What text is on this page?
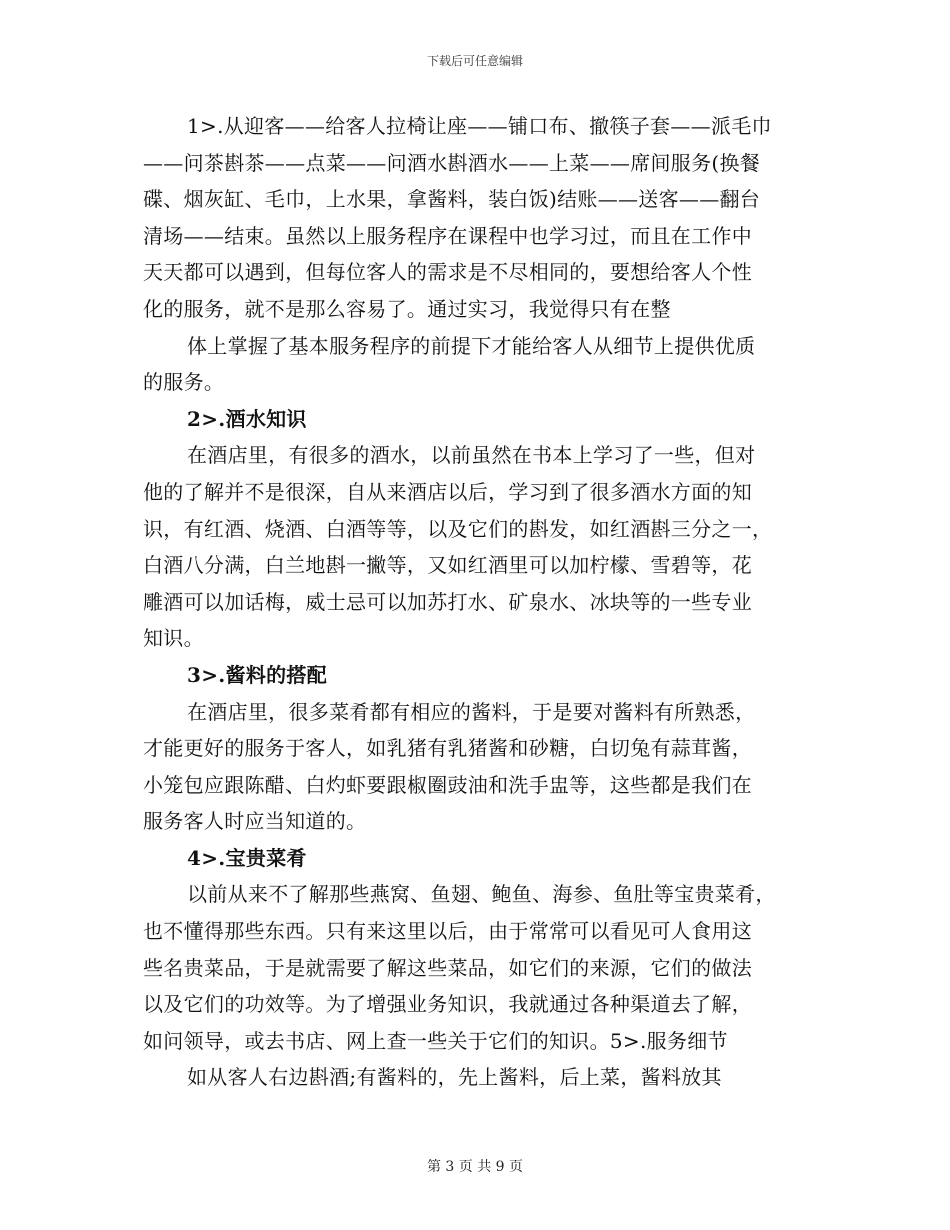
下载后可任意编辑
1>.从迎客——给客人拉椅让座——铺口布、撤筷子套——派毛巾
——问茶斟茶——点菜——问酒水斟酒水——上菜——席间服务(换餐
碟、烟灰缸、毛巾，上水果，拿酱料，装白饭)结账——送客——翻台
清场——结束。虽然以上服务程序在课程中也学习过，而且在工作中
天天都可以遇到，但每位客人的需求是不尽相同的，要想给客人个性
化的服务，就不是那么容易了。通过实习，我觉得只有在整
体上掌握了基本服务程序的前提下才能给客人从细节上提供优质
的服务。
2>.酒水知识
在酒店里，有很多的酒水，以前虽然在书本上学习了一些，但对
他的了解并不是很深，自从来酒店以后，学习到了很多酒水方面的知
识，有红酒、烧酒、白酒等等，以及它们的斟发，如红酒斟三分之一，
白酒八分满，白兰地斟一撇等，又如红酒里可以加柠檬、雪碧等，花
雕酒可以加话梅，威士忌可以加苏打水、矿泉水、冰块等的一些专业
知识。
3>.酱料的搭配
在酒店里，很多菜肴都有相应的酱料，于是要对酱料有所熟悉，
才能更好的服务于客人，如乳猪有乳猪酱和砂糖，白切兔有蒜茸酱，
小笼包应跟陈醋、白灼虾要跟椒圈豉油和洗手盅等，这些都是我们在
服务客人时应当知道的。
4>.宝贵菜肴
以前从来不了解那些燕窝、鱼翅、鲍鱼、海参、鱼肚等宝贵菜肴，
也不懂得那些东西。只有来这里以后，由于常常可以看见可人食用这
些名贵菜品，于是就需要了解这些菜品，如它们的来源，它们的做法
以及它们的功效等。为了增强业务知识，我就通过各种渠道去了解，
如问领导，或去书店、网上查一些关于它们的知识。5>.服务细节
如从客人右边斟酒;有酱料的，先上酱料，后上菜，酱料放其
第 3 页 共 9 页
